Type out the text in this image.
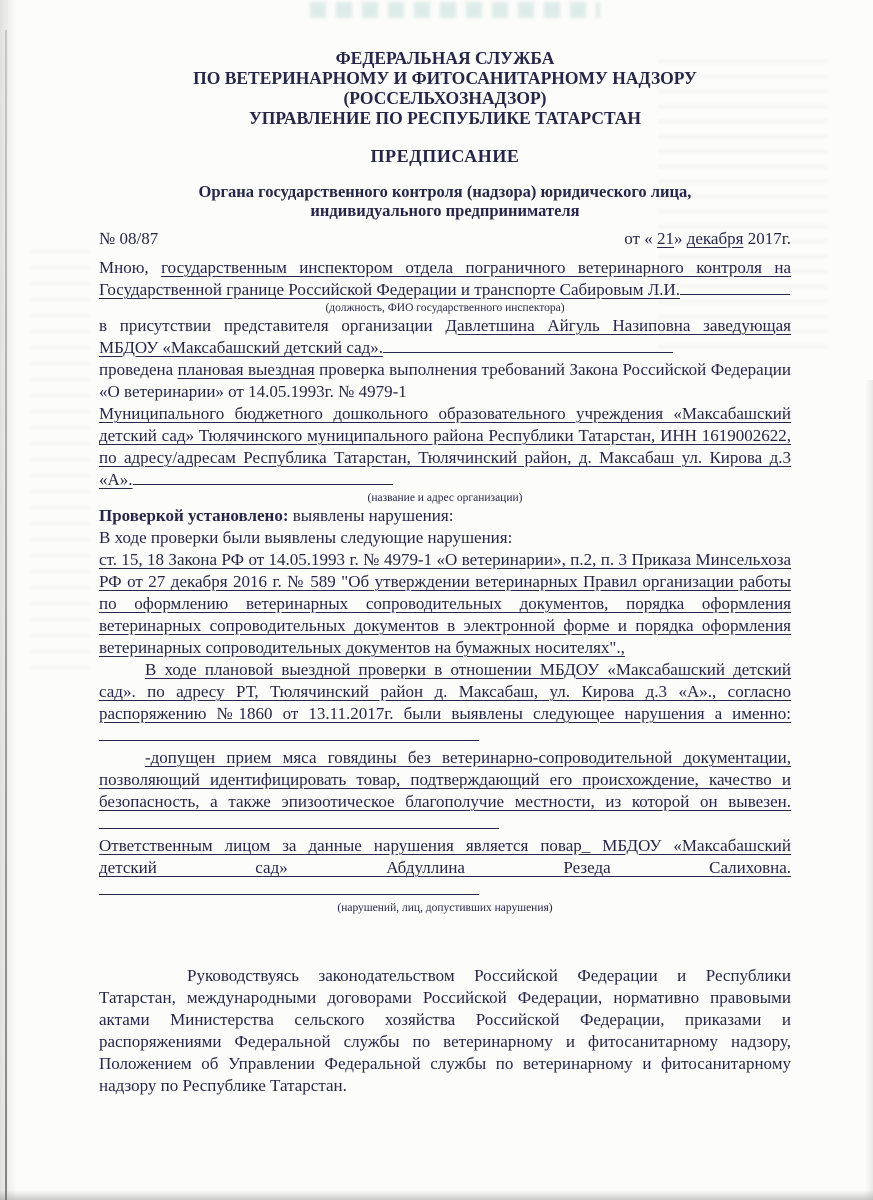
ФЕДЕРАЛЬНАЯ СЛУЖБА
ПО ВЕТЕРИНАРНОМУ И ФИТОСАНИТАРНОМУ НАДЗОРУ
(РОССЕЛЬХОЗНАДЗОР)
УПРАВЛЕНИЕ ПО РЕСПУБЛИКЕ ТАТАРСТАН
ПРЕДПИСАНИЕ
Органа государственного контроля (надзора) юридического лица,
индивидуального предпринимателя
№ 08/87	от « 21» декабря 2017г.

Мною, государственным инспектором отдела пограничного ветеринарного контроля на Государственной границе Российской Федерации и транспорте Сабировым Л.И.

(должность, ФИО государственного инспектора)

в присутствии представителя организации Давлетшина Айгуль Назиповна заведующая МБДОУ «Максабашский детский сад».

проведена плановая выездная проверка выполнения требований Закона Российской Федерации «О ветеринарии» от 14.05.1993г. № 4979-1

Муниципального бюджетного дошкольного образовательного учреждения «Максабашский детский сад» Тюлячинского муниципального района Республики Татарстан, ИНН 1619002622, по адресу/адресам Республика Татарстан, Тюлячинский район, д. Максабаш ул. Кирова д.3 «А».

(название и адрес организации)

Проверкой установлено: выявлены нарушения:

В ходе проверки были выявлены следующие нарушения:

ст. 15, 18 Закона РФ от 14.05.1993 г. № 4979-1 «О ветеринарии», п.2, п. 3 Приказа Минсельхоза РФ от 27 декабря 2016 г. № 589 "Об утверждении ветеринарных Правил организации работы по оформлению ветеринарных сопроводительных документов, порядка оформления ветеринарных сопроводительных документов в электронной форме и порядка оформления ветеринарных сопроводительных документов на бумажных носителях".,

В ходе плановой выездной проверки в отношении МБДОУ «Максабашский детский сад». по адресу РТ, Тюлячинский район д. Максабаш, ул. Кирова д.3 «А»., согласно распоряжению №1860 от 13.11.2017г. были выявлены следующее нарушения а именно:

-допущен прием мяса говядины без ветеринарно-сопроводительной документации, позволяющий идентифицировать товар, подтверждающий его происхождение, качество и безопасность, а также эпизоотическое благополучие местности, из которой он вывезен.

Ответственным лицом за данные нарушения является повар_ МБДОУ «Максабашский детский сад» Абдуллина Резеда Салиховна.

(нарушений, лиц, допустивших нарушения)

Руководствуясь законодательством Российской Федерации и Республики Татарстан, международными договорами Российской Федерации, нормативно правовыми актами Министерства сельского хозяйства Российской Федерации, приказами и распоряжениями Федеральной службы по ветеринарному и фитосанитарному надзору, Положением об Управлении Федеральной службы по ветеринарному и фитосанитарному надзору по Республике Татарстан.
